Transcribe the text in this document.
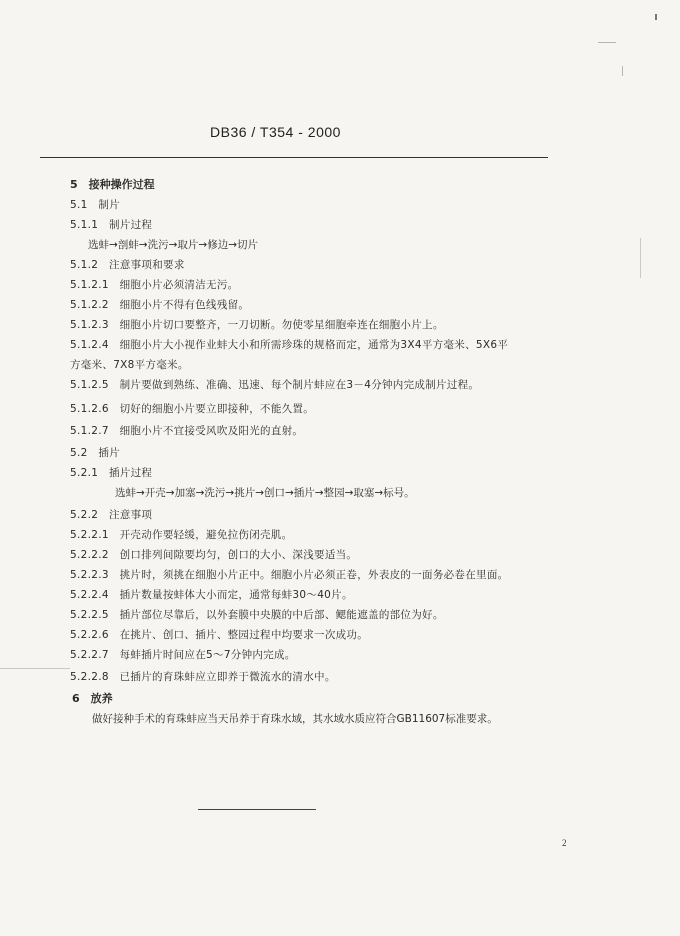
DB36 / T354 - 2000
5　接种操作过程
5.1　制片
5.1.1　制片过程
选蚌→剖蚌→洗污→取片→修边→切片
5.1.2　注意事项和要求
5.1.2.1　细胞小片必须清洁无污。
5.1.2.2　细胞小片不得有色线残留。
5.1.2.3　细胞小片切口要整齐，一刀切断。勿使零星细胞牵连在细胞小片上。
5.1.2.4　细胞小片大小视作业蚌大小和所需珍珠的规格而定，通常为3X4平方毫米、5X6平
方毫米、7X8平方毫米。
5.1.2.5　制片要做到熟练、准确、迅速、每个制片蚌应在3－4分钟内完成制片过程。
5.1.2.6　切好的细胞小片要立即接种，不能久置。
5.1.2.7　细胞小片不宜接受风吹及阳光的直射。
5.2　插片
5.2.1　插片过程
选蚌→开壳→加塞→洗污→挑片→创口→插片→整园→取塞→标号。
5.2.2　注意事项
5.2.2.1　开壳动作要轻缓，避免拉伤闭壳肌。
5.2.2.2　创口排列间隙要均匀，创口的大小、深浅要适当。
5.2.2.3　挑片时，须挑在细胞小片正中。细胞小片必须正卷，外表皮的一面务必卷在里面。
5.2.2.4　插片数量按蚌体大小而定，通常每蚌30～40片。
5.2.2.5　插片部位尽靠后，以外套膜中央膜的中后部、鳃能遮盖的部位为好。
5.2.2.6　在挑片、创口、插片、整园过程中均要求一次成功。
5.2.2.7　每蚌插片时间应在5～7分钟内完成。
5.2.2.8　已插片的育珠蚌应立即养于微流水的清水中。
6　放养
做好接种手术的育珠蚌应当天吊养于育珠水域，其水域水质应符合GB11607标准要求。
2
